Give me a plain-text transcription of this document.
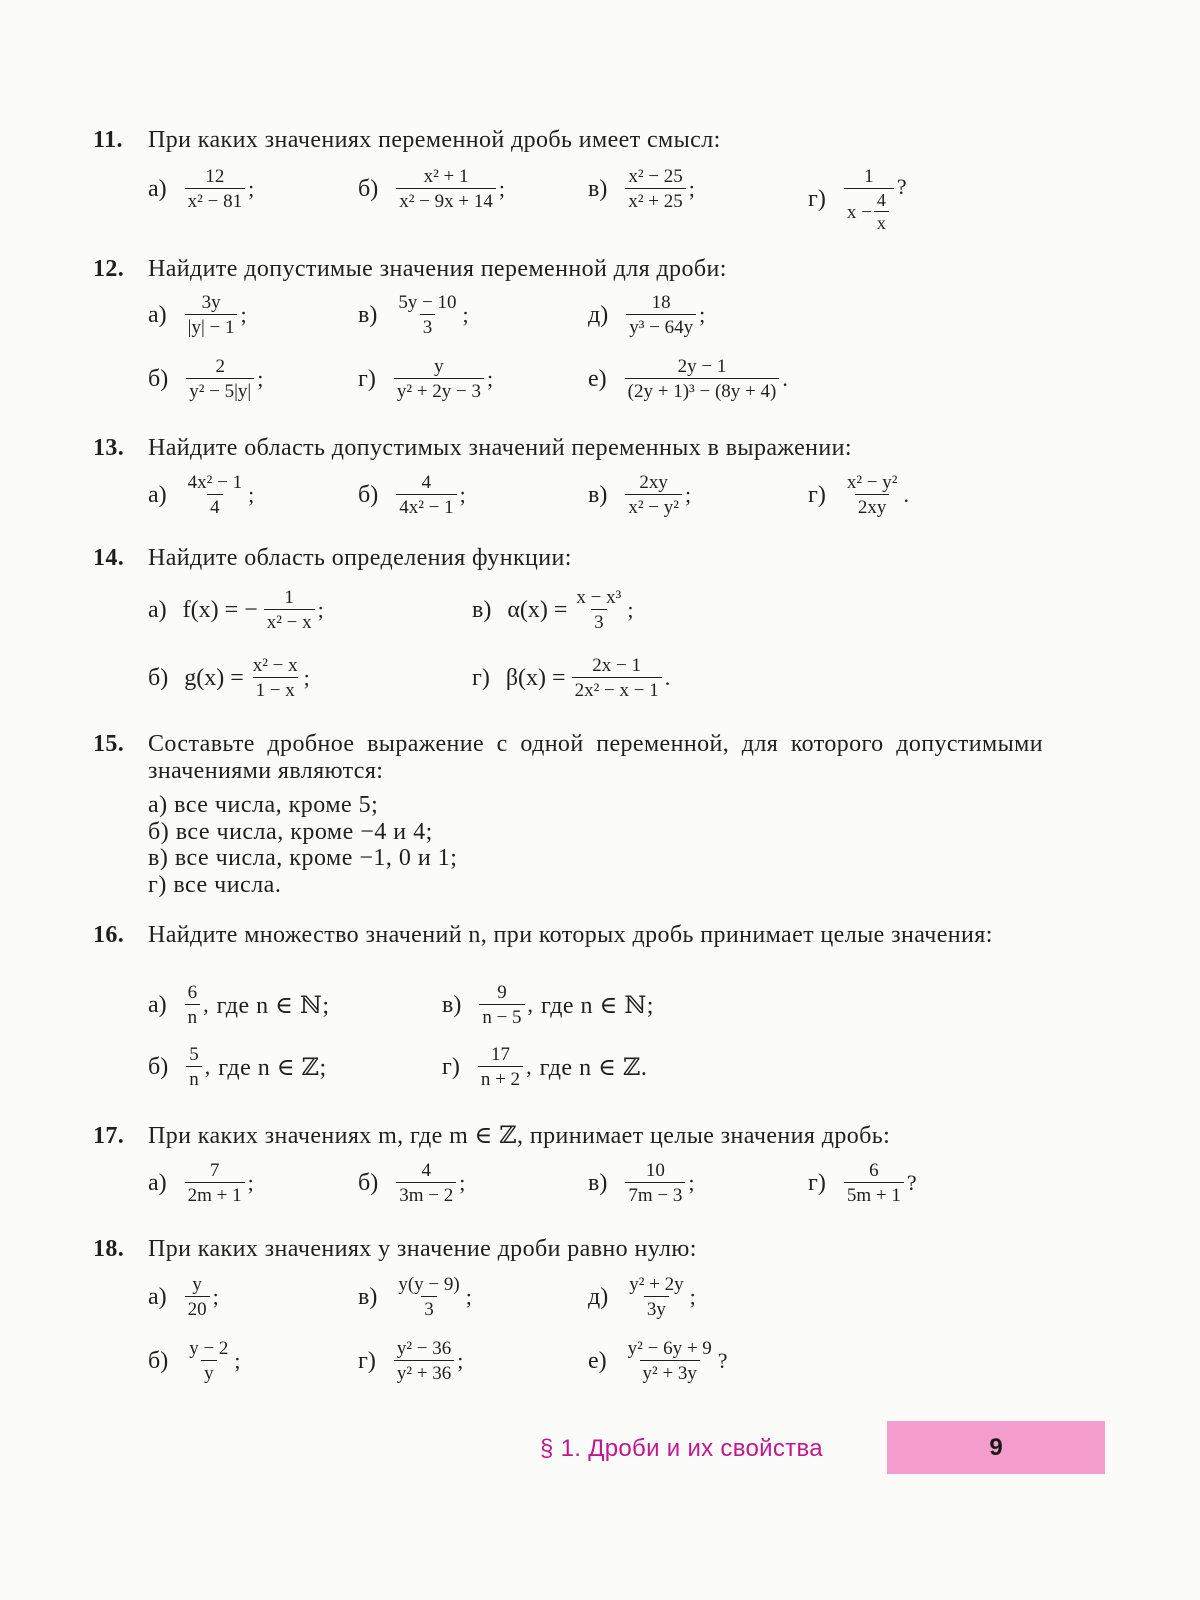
11. При каких значениях переменной дробь имеет смысл:
$а) \frac{12}{\text{x² − 81}}$ ;	$б) \frac{\text{x² + 1}}{\text{x² − 9x + 14}}$ ;	$в) \frac{\text{x² − 25}}{\text{x² + 25}}$ ;	$г) \frac{1}{x - \frac{4}{x}}$ ?
12. Найдите допустимые значения переменной для дроби:
$а) \frac{3y}{|y| - 1}$ ;	$в) \frac{5y - 10}{3}$ ;	$д) \frac{18}{\text{y³ − 64y}}$ ;
$б) \frac{2}{\text{y² − 5|y|}}$ ;	$г) \frac{y}{\text{y² + 2y − 3}}$ ;	$е) \frac{2y - 1}{\text{(2y + 1)³ − (8y + 4)}}$ .
13. Найдите область допустимых значений переменных в выражении:
$а) \frac{\text{4x² − 1}}{4}$ ;	$б) \frac{4}{\text{4x² − 1}}$ ;	$в) \frac{2xy}{\text{x² − y²}}$ ;	$г) \frac{\text{x² − y²}}{2xy}$ .
14. Найдите область определения функции:
а) f(x) = − $\frac{1}{\text{x² − x}}$ ;	в) $\alpha(x) = \frac{\text{x − x³}}{3}$ ;
б) $g(x) = \frac{\text{x² − x}}{1 - x}$ ;	г) $\beta(x) = \frac{2x - 1}{\text{2x² − x − 1}}$ .
15. Составьте дробное выражение с одной переменной, для которого допустимыми значениями являются:
а) все числа, кроме 5;
б) все числа, кроме −4 и 4;
в) все числа, кроме −1, 0 и 1;
г) все числа.
16. Найдите множество значений n, при которых дробь принимает целые значения:
$а) \frac{6}{n}$ , где n ∈ ℕ;	$в) \frac{9}{n - 5}$ , где n ∈ ℕ;
$б) \frac{5}{n}$ , где n ∈ ℤ;	$г) \frac{17}{n + 2}$ , где n ∈ ℤ.
17. При каких значениях m, где m ∈ ℤ, принимает целые значения дробь:
$а) \frac{7}{2m + 1}$ ;	$б) \frac{4}{3m - 2}$ ;	$в) \frac{10}{7m - 3}$ ;	$г) \frac{6}{5m + 1}$ ?
18. При каких значениях y значение дроби равно нулю:
$а) \frac{y}{20}$ ;	$в) \frac{y(y - 9)}{3}$ ;	$д) \frac{\text{y² + 2y}}{3y}$ ;
$б) \frac{y - 2}{y}$ ;	$г) \frac{\text{y² − 36}}{\text{y² + 36}}$ ;	$е) \frac{\text{y² − 6y + 9}}{\text{y² + 3y}}$ ?
§ 1. Дроби и их свойства	9
